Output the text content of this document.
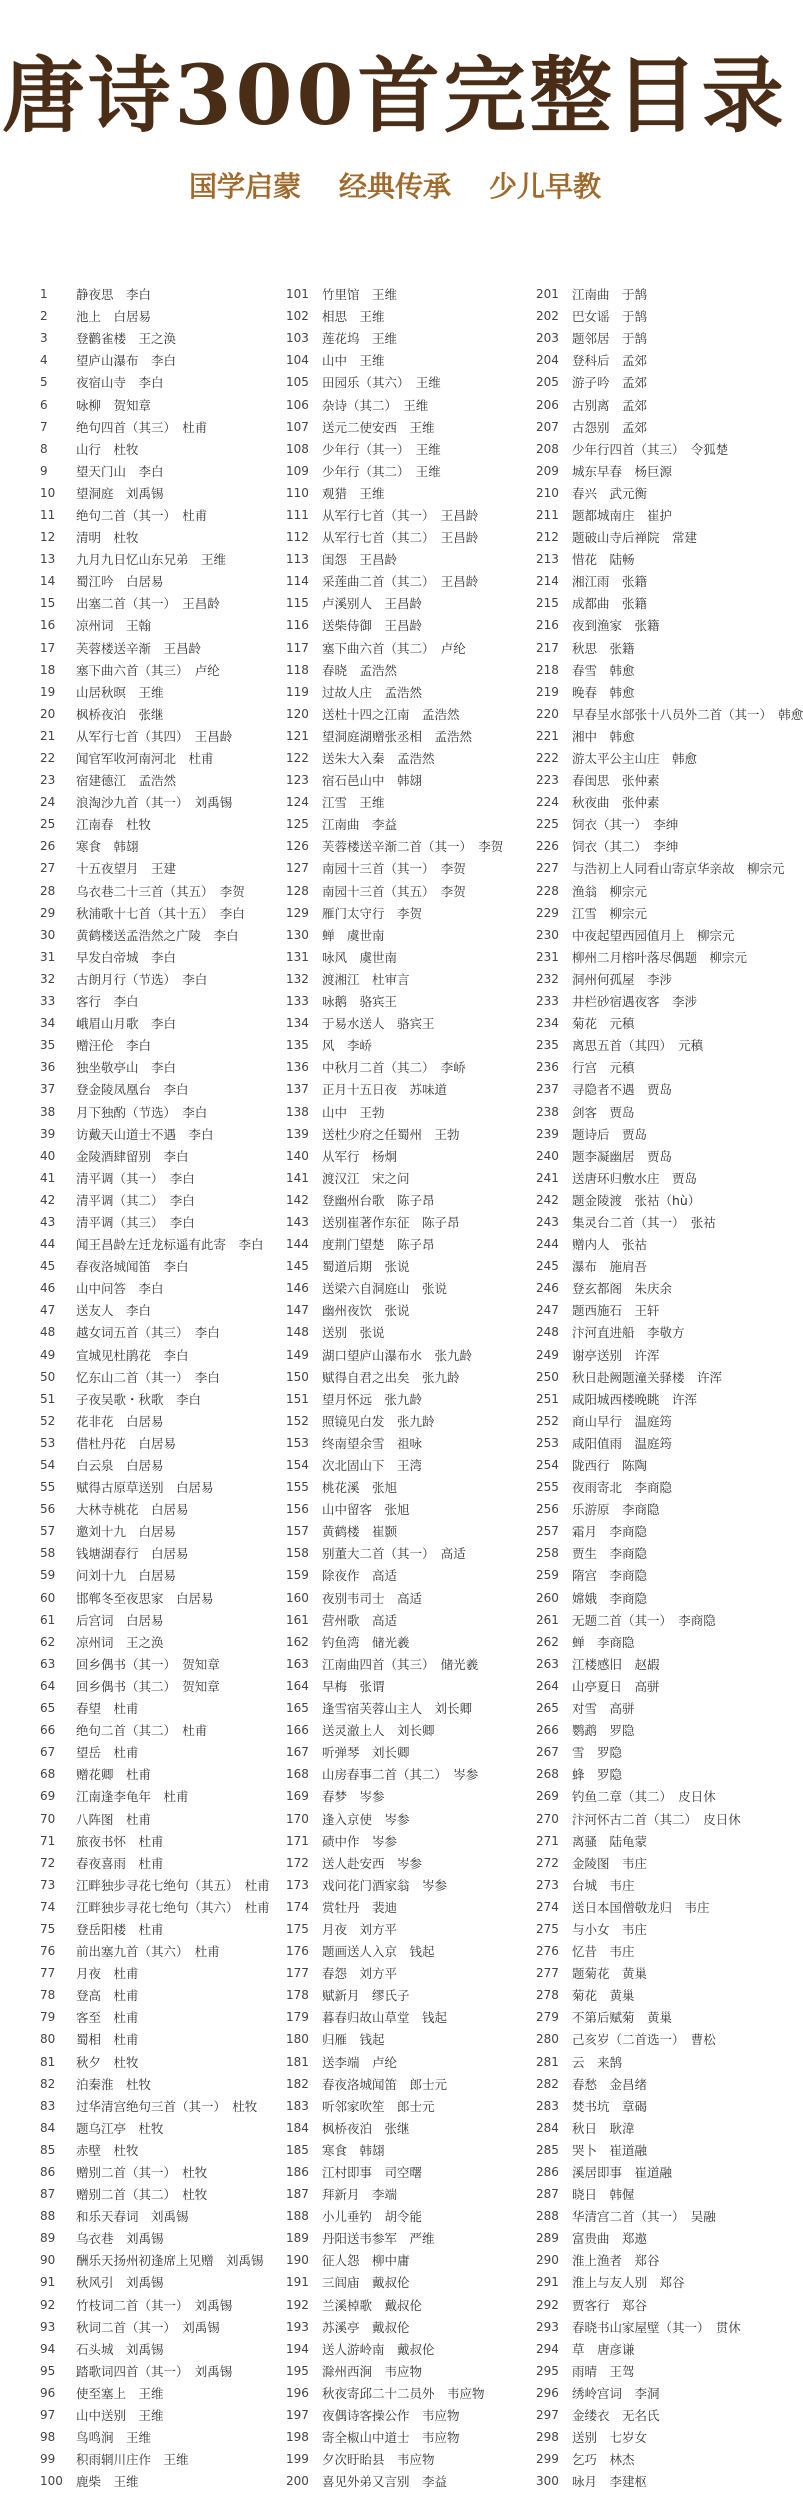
唐诗300首完整目录
国学启蒙 经典传承 少儿早教
1	静夜思　李白
2	池上　白居易
3	登鹳雀楼　王之涣
4	望庐山瀑布　李白
5	夜宿山寺　李白
6	咏柳　贺知章
7	绝句四首（其三）　杜甫
8	山行　杜牧
9	望天门山　李白
10	望洞庭　刘禹锡
11	绝句二首（其一）　杜甫
12	清明　杜牧
13	九月九日忆山东兄弟　王维
14	蜀江吟　白居易
15	出塞二首（其一）　王昌龄
16	凉州词　王翰
17	芙蓉楼送辛渐　王昌龄
18	塞下曲六首（其三）　卢纶
19	山居秋暝　王维
20	枫桥夜泊　张继
21	从军行七首（其四）　王昌龄
22	闻官军收河南河北　杜甫
23	宿建德江　孟浩然
24	浪淘沙九首（其一）　刘禹锡
25	江南春　杜牧
26	寒食　韩翃
27	十五夜望月　王建
28	乌衣巷二十三首（其五）　李贺
29	秋浦歌十七首（其十五）　李白
30	黄鹤楼送孟浩然之广陵　李白
31	早发白帝城　李白
32	古朗月行（节选）　李白
33	客行　李白
34	峨眉山月歌　李白
35	赠汪伦　李白
36	独坐敬亭山　李白
37	登金陵凤凰台　李白
38	月下独酌（节选）　李白
39	访戴天山道士不遇　李白
40	金陵酒肆留别　李白
41	清平调（其一）　李白
42	清平调（其二）　李白
43	清平调（其三）　李白
44	闻王昌龄左迁龙标遥有此寄　李白
45	春夜洛城闻笛　李白
46	山中问答　李白
47	送友人　李白
48	越女词五首（其三）　李白
49	宣城见杜鹃花　李白
50	忆东山二首（其一）　李白
51	子夜吴歌・秋歌　李白
52	花非花　白居易
53	借杜丹花　白居易
54	白云泉　白居易
55	赋得古原草送别　白居易
56	大林寺桃花　白居易
57	邀刘十九　白居易
58	钱塘湖春行　白居易
59	问刘十九　白居易
60	邯郸冬至夜思家　白居易
61	后宫词　白居易
62	凉州词　王之涣
63	回乡偶书（其一）　贺知章
64	回乡偶书（其二）　贺知章
65	春望　杜甫
66	绝句二首（其二）　杜甫
67	望岳　杜甫
68	赠花卿　杜甫
69	江南逢李龟年　杜甫
70	八阵图　杜甫
71	旅夜书怀　杜甫
72	春夜喜雨　杜甫
73	江畔独步寻花七绝句（其五）　杜甫
74	江畔独步寻花七绝句（其六）　杜甫
75	登岳阳楼　杜甫
76	前出塞九首（其六）　杜甫
77	月夜　杜甫
78	登高　杜甫
79	客至　杜甫
80	蜀相　杜甫
81	秋夕　杜牧
82	泊秦淮　杜牧
83	过华清宫绝句三首（其一）　杜牧
84	题乌江亭　杜牧
85	赤壁　杜牧
86	赠别二首（其一）　杜牧
87	赠别二首（其二）　杜牧
88	和乐天春词　刘禹锡
89	乌衣巷　刘禹锡
90	酬乐天扬州初逢席上见赠　刘禹锡
91	秋风引　刘禹锡
92	竹枝词二首（其一）　刘禹锡
93	秋词二首（其一）　刘禹锡
94	石头城　刘禹锡
95	踏歌词四首（其一）　刘禹锡
96	使至塞上　王维
97	山中送别　王维
98	鸟鸣涧　王维
99	积雨辋川庄作　王维
100	鹿柴　王维
101	竹里馆　王维
102	相思　王维
103	莲花坞　王维
104	山中　王维
105	田园乐（其六）　王维
106	杂诗（其二）　王维
107	送元二使安西　王维
108	少年行（其一）　王维
109	少年行（其二）　王维
110	观猎　王维
111	从军行七首（其一）　王昌龄
112	从军行七首（其二）　王昌龄
113	闺怨　王昌龄
114	采莲曲二首（其二）　王昌龄
115	卢溪别人　王昌龄
116	送柴侍御　王昌龄
117	塞下曲六首（其二）　卢纶
118	春晓　孟浩然
119	过故人庄　孟浩然
120	送杜十四之江南　孟浩然
121	望洞庭湖赠张丞相　孟浩然
122	送朱大入秦　孟浩然
123	宿石邑山中　韩翃
124	江雪　王维
125	江南曲　李益
126	芙蓉楼送辛渐二首（其一）　李贺
127	南园十三首（其一）　李贺
128	南园十三首（其五）　李贺
129	雁门太守行　李贺
130	蝉　虞世南
131	咏风　虞世南
132	渡湘江　杜审言
133	咏鹅　骆宾王
134	于易水送人　骆宾王
135	风　李峤
136	中秋月二首（其二）　李峤
137	正月十五日夜　苏味道
138	山中　王勃
139	送杜少府之任蜀州　王勃
140	从军行　杨炯
141	渡汉江　宋之问
142	登幽州台歌　陈子昂
143	送别崔著作东征　陈子昂
144	度荆门望楚　陈子昂
145	蜀道后期　张说
146	送梁六自洞庭山　张说
147	幽州夜饮　张说
148	送别　张说
149	湖口望庐山瀑布水　张九龄
150	赋得自君之出矣　张九龄
151	望月怀远　张九龄
152	照镜见白发　张九龄
153	终南望余雪　祖咏
154	次北固山下　王湾
155	桃花溪　张旭
156	山中留客　张旭
157	黄鹤楼　崔颢
158	别董大二首（其一）　高适
159	除夜作　高适
160	夜别韦司士　高适
161	营州歌　高适
162	钓鱼湾　储光羲
163	江南曲四首（其三）　储光羲
164	早梅　张谓
165	逢雪宿芙蓉山主人　刘长卿
166	送灵澈上人　刘长卿
167	听弹琴　刘长卿
168	山房春事二首（其二）　岑参
169	春梦　岑参
170	逢入京使　岑参
171	碛中作　岑参
172	送人赴安西　岑参
173	戏问花门酒家翁　岑参
174	赏牡丹　裴迪
175	月夜　刘方平
176	题画送人入京　钱起
177	春怨　刘方平
178	赋新月　缪氏子
179	暮春归故山草堂　钱起
180	归雁　钱起
181	送李端　卢纶
182	春夜洛城闻笛　郎士元
183	听邻家吹笙　郎士元
184	枫桥夜泊　张继
185	寒食　韩翃
186	江村即事　司空曙
187	拜新月　李端
188	小儿垂钓　胡令能
189	丹阳送韦参军　严维
190	征人怨　柳中庸
191	三闾庙　戴叔伦
192	兰溪棹歌　戴叔伦
193	苏溪亭　戴叔伦
194	送人游岭南　戴叔伦
195	滁州西涧　韦应物
196	秋夜寄邱二十二员外　韦应物
197	夜偶诗客操公作　韦应物
198	寄全椒山中道士　韦应物
199	夕次盱眙县　韦应物
200	喜见外弟又言别　李益
201	江南曲　于鹄
202	巴女谣　于鹄
203	题邻居　于鹄
204	登科后　孟郊
205	游子吟　孟郊
206	古别离　孟郊
207	古怨别　孟郊
208	少年行四首（其三）　令狐楚
209	城东早春　杨巨源
210	春兴　武元衡
211	题都城南庄　崔护
212	题破山寺后禅院　常建
213	惜花　陆畅
214	湘江雨　张籍
215	成都曲　张籍
216	夜到渔家　张籍
217	秋思　张籍
218	春雪　韩愈
219	晚春　韩愈
220	早春呈水部张十八员外二首（其一）　韩愈
221	湘中　韩愈
222	游太平公主山庄　韩愈
223	春闺思　张仲素
224	秋夜曲　张仲素
225	饲衣（其一）　李绅
226	饲衣（其二）　李绅
227	与浩初上人同看山寄京华亲故　柳宗元
228	渔翁　柳宗元
229	江雪　柳宗元
230	中夜起望西园值月上　柳宗元
231	柳州二月榕叶落尽偶题　柳宗元
232	洞州何孤屋　李涉
233	井栏砂宿遇夜客　李涉
234	菊花　元稹
235	离思五首（其四）　元稹
236	行宫　元稹
237	寻隐者不遇　贾岛
238	剑客　贾岛
239	题诗后　贾岛
240	题李凝幽居　贾岛
241	送唐环归敷水庄　贾岛
242	题金陵渡　张祜（hù）
243	集灵台二首（其一）　张祜
244	赠内人　张祜
245	瀑布　施肩吾
246	登玄都阁　朱庆余
247	题西施石　王轩
248	汴河直进船　李敬方
249	谢亭送别　许浑
250	秋日赴阙题潼关驿楼　许浑
251	咸阳城西楼晚眺　许浑
252	商山早行　温庭筠
253	咸阳值雨　温庭筠
254	陇西行　陈陶
255	夜雨寄北　李商隐
256	乐游原　李商隐
257	霜月　李商隐
258	贾生　李商隐
259	隋宫　李商隐
260	嫦娥　李商隐
261	无题二首（其一）　李商隐
262	蝉　李商隐
263	江楼感旧　赵嘏
264	山亭夏日　高骈
265	对雪　高骈
266	鹦鹉　罗隐
267	雪　罗隐
268	蜂　罗隐
269	钓鱼二章（其二）　皮日休
270	汴河怀古二首（其二）　皮日休
271	离骚　陆龟蒙
272	金陵图　韦庄
273	台城　韦庄
274	送日本国僧敬龙归　韦庄
275	与小女　韦庄
276	忆昔　韦庄
277	题菊花　黄巢
278	菊花　黄巢
279	不第后赋菊　黄巢
280	己亥岁（二首选一）　曹松
281	云　来鹄
282	春愁　金昌绪
283	焚书坑　章碣
284	秋日　耿湋
285	哭卜　崔道融
286	溪居即事　崔道融
287	晓日　韩偓
288	华清宫二首（其一）　吴融
289	富贵曲　郑遨
290	淮上渔者　郑谷
291	淮上与友人别　郑谷
292	贾客行　郑谷
293	春晓书山家屋壁（其一）　贯休
294	草　唐彦谦
295	雨晴　王驾
296	绣岭宫词　李洞
297	金缕衣　无名氏
298	送别　七岁女
299	乞巧　林杰
300	咏月　李建枢
